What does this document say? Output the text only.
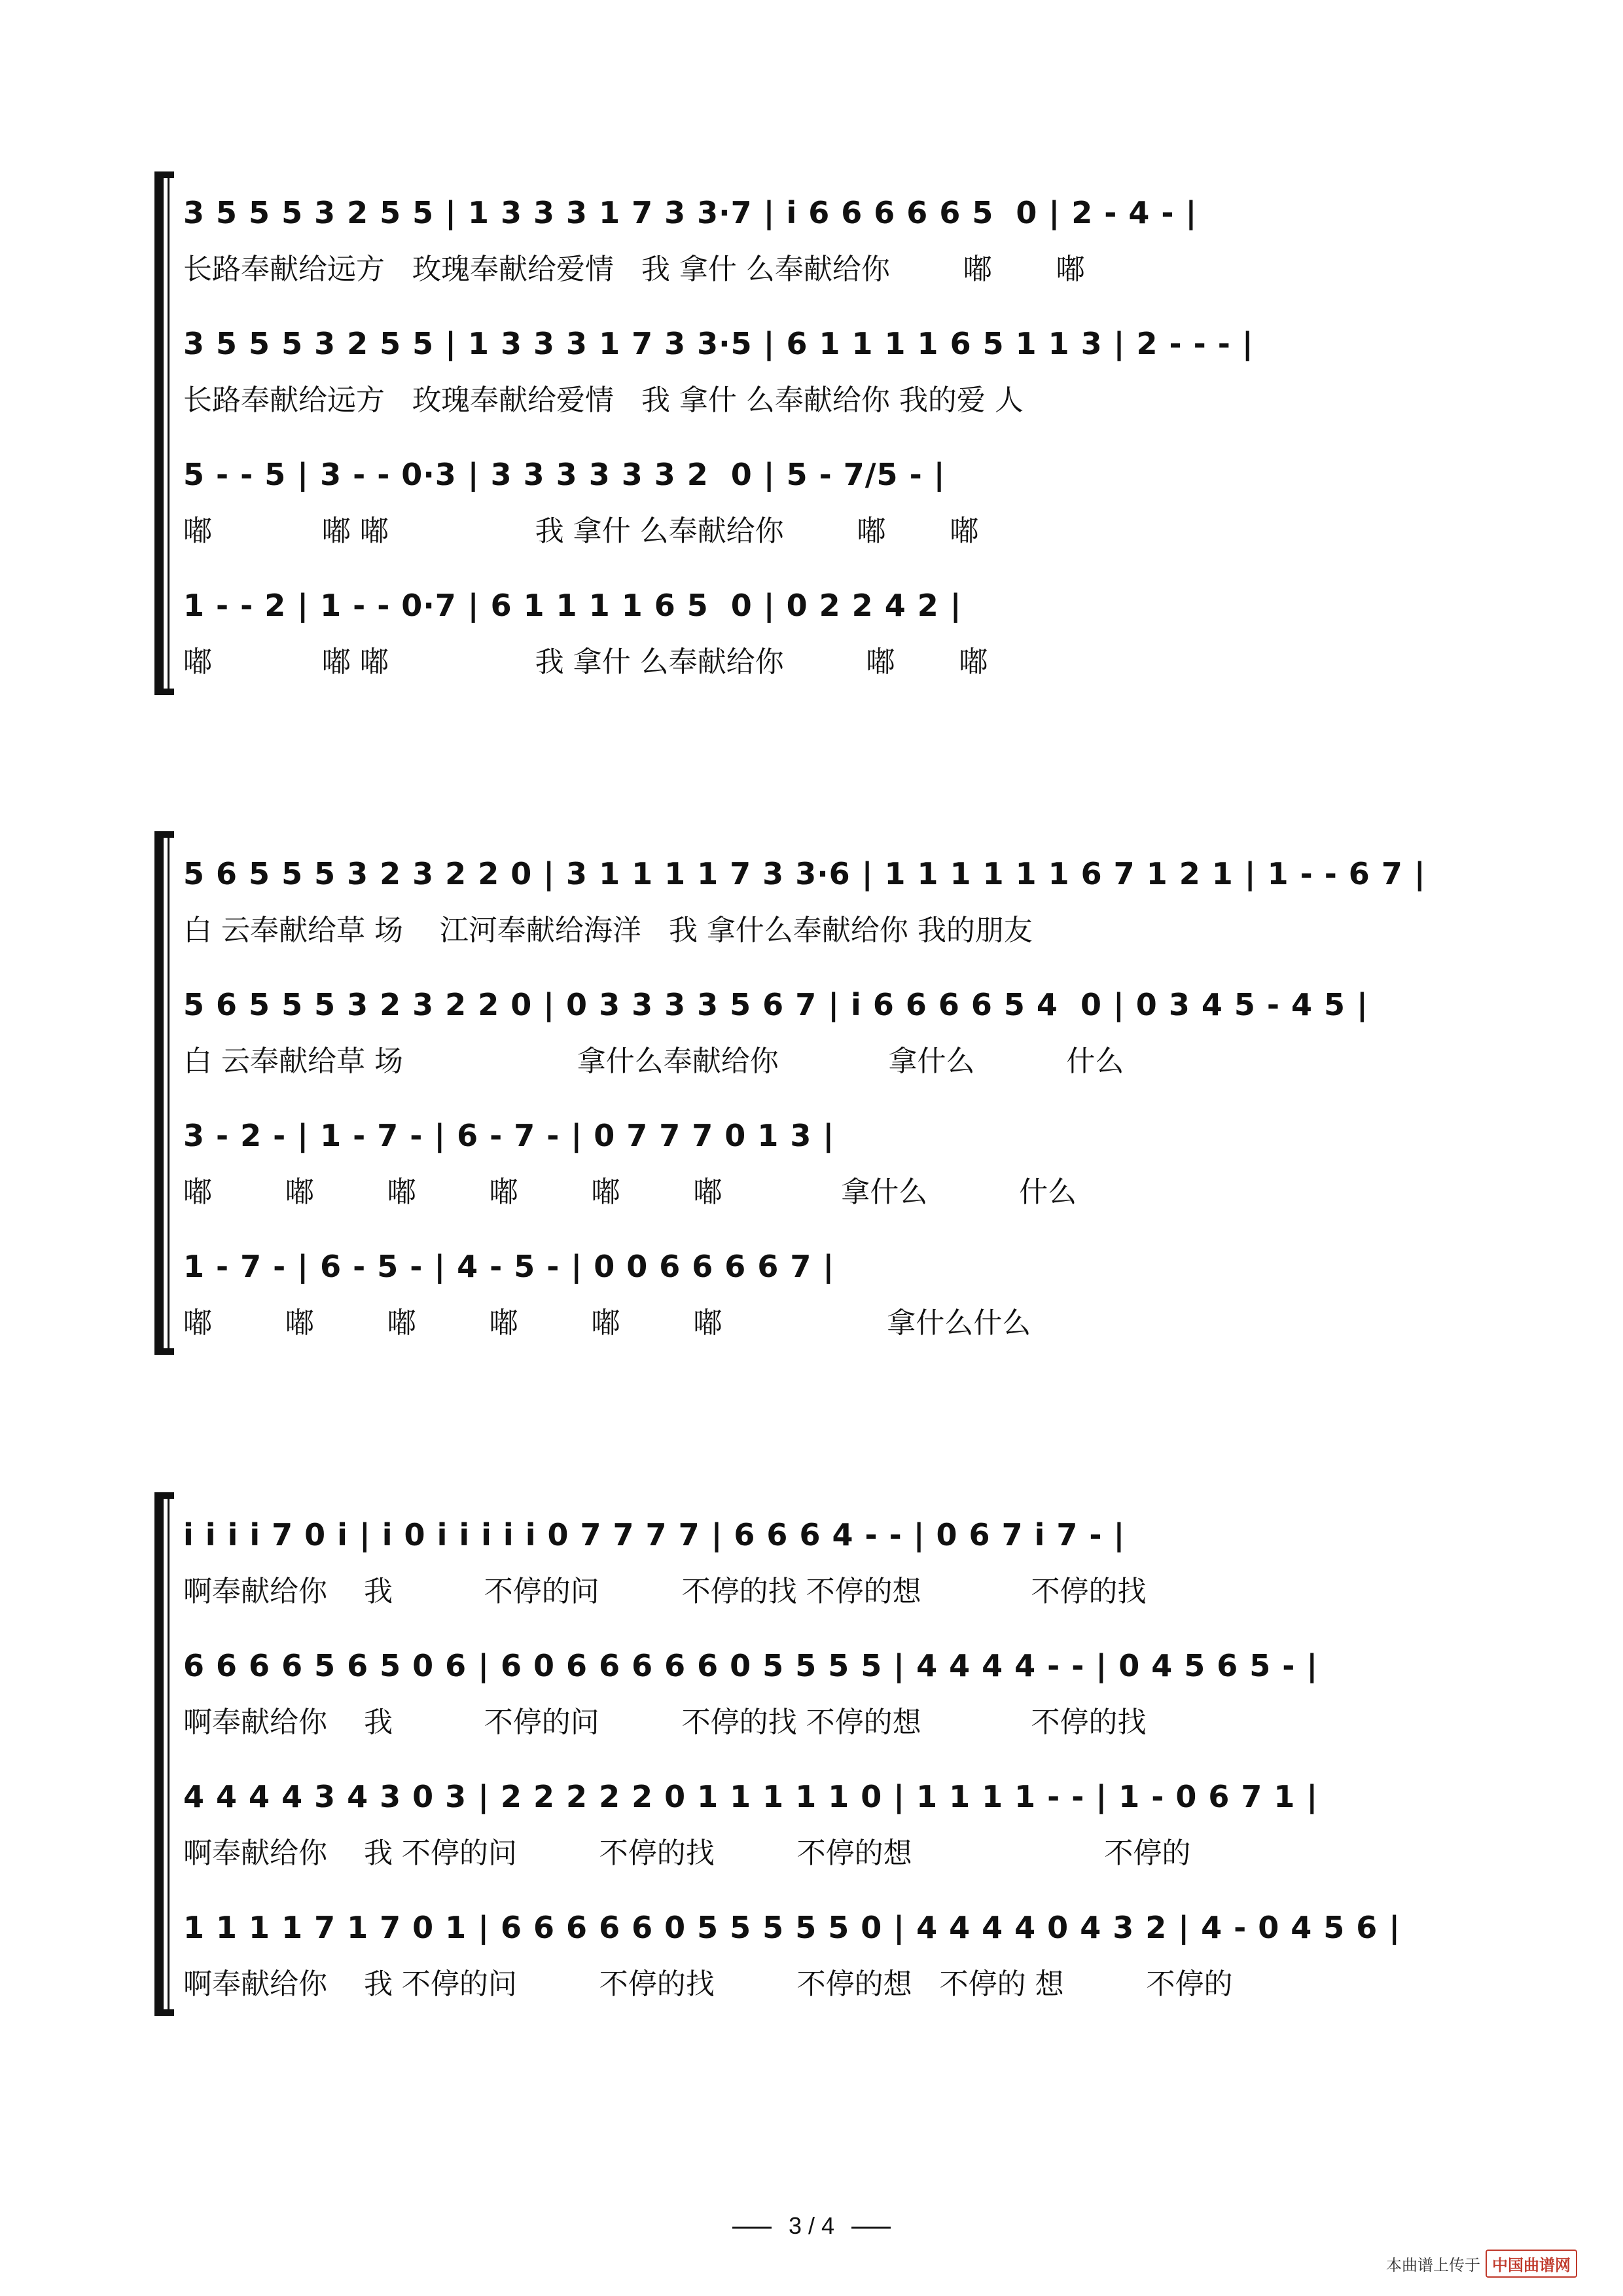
3 5 5 5 3 2 5 5 | 1 3 3 3 1 7 3 3·7 | i 6 6 6 6 6 5  0 | 2 - 4 - |
长路奉献给远方   玫瑰奉献给爱情   我 拿什 么奉献给你        嘟       嘟
3 5 5 5 3 2 5 5 | 1 3 3 3 1 7 3 3·5 | 6 1 1 1 1 6 5 1 1 3 | 2 - - - |
长路奉献给远方   玫瑰奉献给爱情   我 拿什 么奉献给你 我的爱 人
5 - - 5 | 3 - - 0·3 | 3 3 3 3 3 3 2  0 | 5 - 7/5 - |
嘟            嘟 嘟                我 拿什 么奉献给你        嘟       嘟
1 - - 2 | 1 - - 0·7 | 6 1 1 1 1 6 5  0 | 0 2 2 4 2 |
嘟            嘟 嘟                我 拿什 么奉献给你         嘟       嘟
5 6 5 5 5 3 2 3 2 2 0 | 3 1 1 1 1 7 3 3·6 | 1 1 1 1 1 1 6 7 1 2 1 | 1 - - 6 7 |
白 云奉献给草 场    江河奉献给海洋   我 拿什么奉献给你 我的朋友
5 6 5 5 5 3 2 3 2 2 0 | 0 3 3 3 3 5 6 7 | i 6 6 6 6 5 4  0 | 0 3 4 5 - 4 5 |
白 云奉献给草 场                   拿什么奉献给你            拿什么          什么
3 - 2 - | 1 - 7 - | 6 - 7 - | 0 7 7 7 0 1 3 |
嘟        嘟        嘟        嘟        嘟        嘟             拿什么          什么
1 - 7 - | 6 - 5 - | 4 - 5 - | 0 0 6 6 6 6 7 |
嘟        嘟        嘟        嘟        嘟        嘟                  拿什么什么
i i i i 7 0 i | i 0 i i i i i 0 7 7 7 7 | 6 6 6 4 - - | 0 6 7 i 7 - |
啊奉献给你    我          不停的问         不停的找 不停的想            不停的找
6 6 6 6 5 6 5 0 6 | 6 0 6 6 6 6 6 0 5 5 5 5 | 4 4 4 4 - - | 0 4 5 6 5 - |
啊奉献给你    我          不停的问         不停的找 不停的想            不停的找
4 4 4 4 3 4 3 0 3 | 2 2 2 2 2 0 1 1 1 1 1 0 | 1 1 1 1 - - | 1 - 0 6 7 1 |
啊奉献给你    我 不停的问         不停的找         不停的想                     不停的
1 1 1 1 7 1 7 0 1 | 6 6 6 6 6 0 5 5 5 5 5 0 | 4 4 4 4 0 4 3 2 | 4 - 0 4 5 6 |
啊奉献给你    我 不停的问         不停的找         不停的想   不停的 想         不停的
3 / 4
本曲谱上传于 中国曲谱网
